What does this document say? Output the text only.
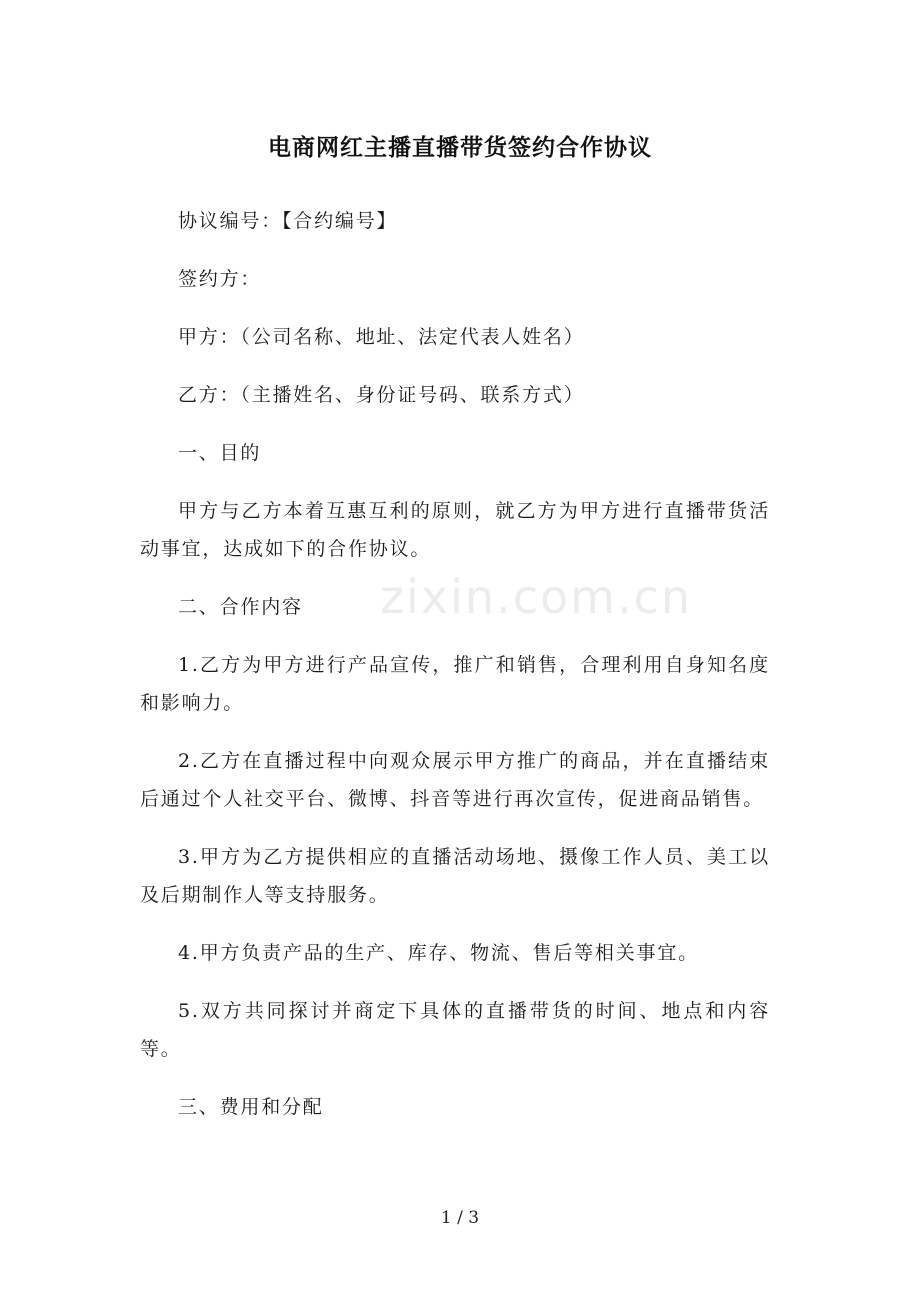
电商网红主播直播带货签约合作协议
zixin.com.cn

协议编号：【合约编号】

签约方：

甲方：（公司名称、地址、法定代表人姓名）

乙方：（主播姓名、身份证号码、联系方式）

一、目的

甲方与乙方本着互惠互利的原则，就乙方为甲方进行直播带货活动事宜，达成如下的合作协议。

二、合作内容

1.乙方为甲方进行产品宣传，推广和销售，合理利用自身知名度和影响力。

2.乙方在直播过程中向观众展示甲方推广的商品，并在直播结束后通过个人社交平台、微博、抖音等进行再次宣传，促进商品销售。

3.甲方为乙方提供相应的直播活动场地、摄像工作人员、美工以及后期制作人等支持服务。

4.甲方负责产品的生产、库存、物流、售后等相关事宜。

5.双方共同探讨并商定下具体的直播带货的时间、地点和内容等。

三、费用和分配

1 / 3
